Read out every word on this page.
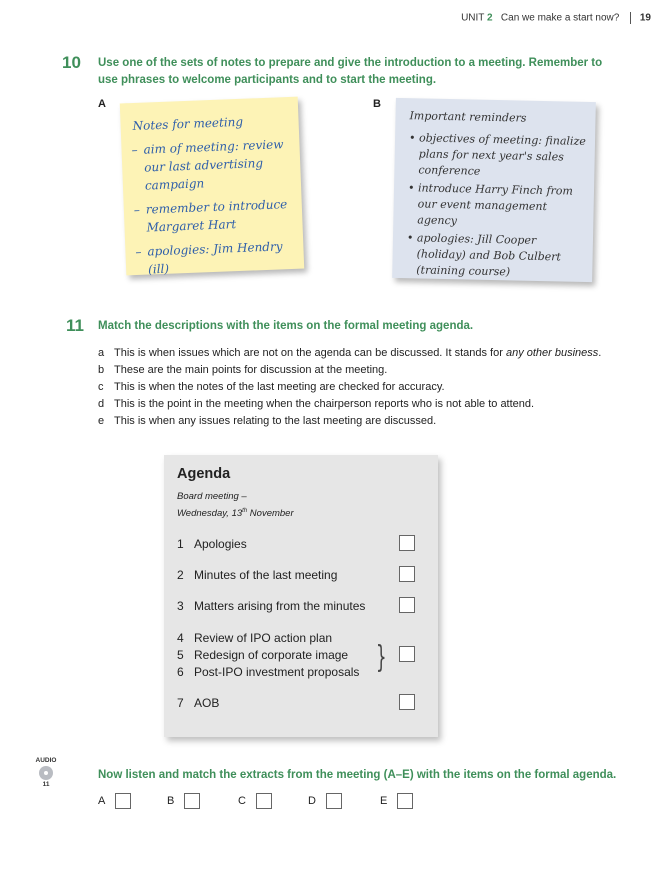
UNIT 2 Can we make a start now? 19
10 Use one of the sets of notes to prepare and give the introduction to a meeting. Remember to use phrases to welcome participants and to start the meeting.
A	B
Notes for meeting
– aim of meeting: review our last advertising campaign
– remember to introduce Margaret Hart
– apologies: Jim Hendry (ill)
Important reminders
• objectives of meeting: finalize plans for next year's sales conference
• introduce Harry Finch from our event management agency
• apologies: Jill Cooper (holiday) and Bob Culbert (training course)
11 Match the descriptions with the items on the formal meeting agenda.
a This is when issues which are not on the agenda can be discussed. It stands for any other business.
b These are the main points for discussion at the meeting.
c This is when the notes of the last meeting are checked for accuracy.
d This is the point in the meeting when the chairperson reports who is not able to attend.
e This is when any issues relating to the last meeting are discussed.
Agenda
Board meeting –
Wednesday, 13th November
1 Apologies
2 Minutes of the last meeting
3 Matters arising from the minutes
4 Review of IPO action plan
5 Redesign of corporate image
6 Post-IPO investment proposals
7 AOB
}
AUDIO
11
Now listen and match the extracts from the meeting (A–E) with the items on the formal agenda.
A	B	C	D	E
